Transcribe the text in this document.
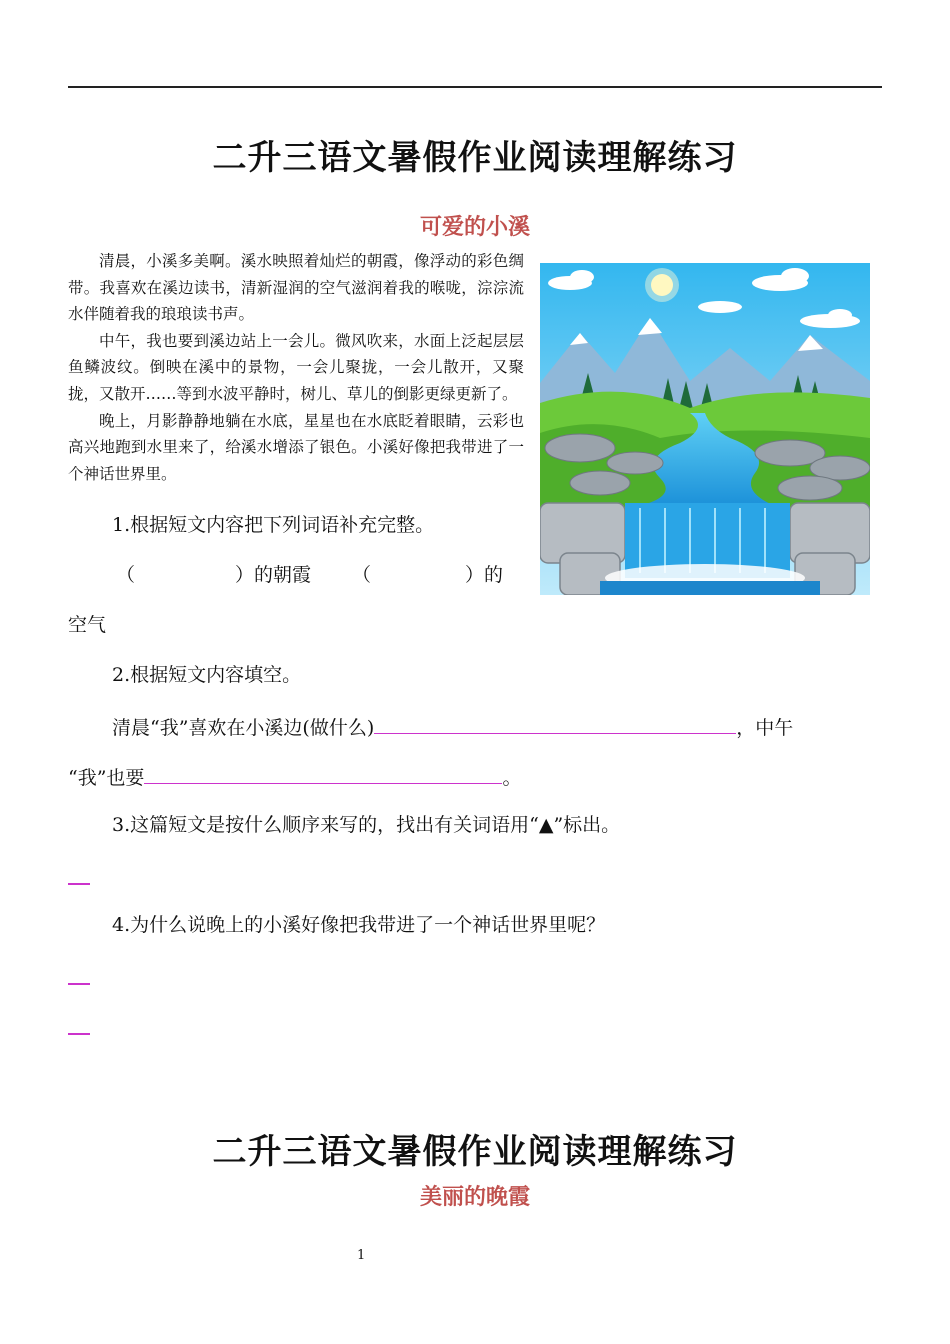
二升三语文暑假作业阅读理解练习
可爱的小溪

清晨，小溪多美啊。溪水映照着灿烂的朝霞，像浮动的彩色绸带。我喜欢在溪边读书，清新湿润的空气滋润着我的喉咙，淙淙流水伴随着我的琅琅读书声。

中午，我也要到溪边站上一会儿。微风吹来，水面上泛起层层鱼鳞波纹。倒映在溪中的景物，一会儿聚拢，一会儿散开，又聚拢，又散开……等到水波平静时，树儿、草儿的倒影更绿更新了。

晚上，月影静静地躺在水底，星星也在水底眨着眼睛，云彩也高兴地跑到水里来了，给溪水增添了银色。小溪好像把我带进了一个神话世界里。

1.根据短文内容把下列词语补充完整。
（	）的朝霞 （	）的
空气
2.根据短文内容填空。
清晨“我”喜欢在小溪边(做什么)	，中午
“我”也要	。
3.这篇短文是按什么顺序来写的，找出有关词语用“▲”标出。
4.为什么说晚上的小溪好像把我带进了一个神话世界里呢？
二升三语文暑假作业阅读理解练习
美丽的晚霞
1
